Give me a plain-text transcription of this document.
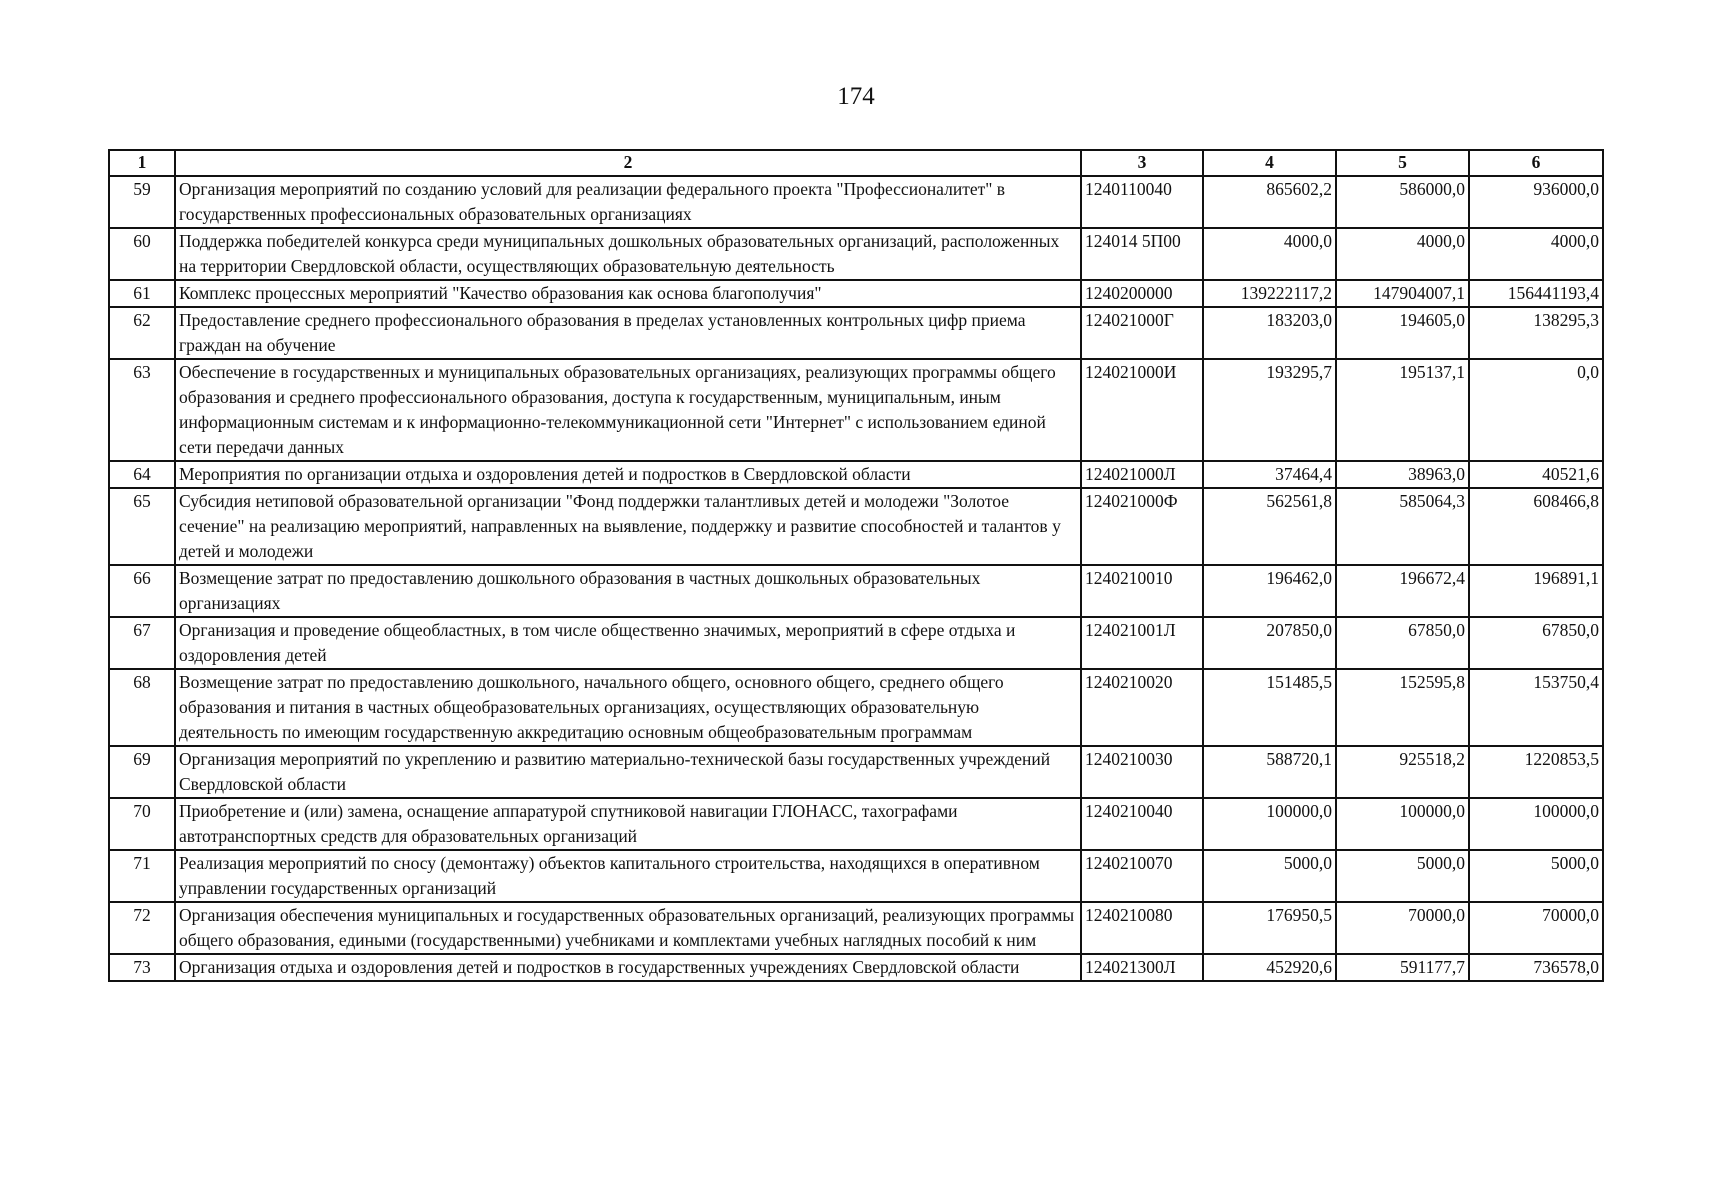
174
1	2	3	4	5	6
59	Организация мероприятий по созданию условий для реализации федерального проекта "Профессионалитет" в государственных профессиональных образовательных организациях	1240110040	865602,2	586000,0	936000,0
60	Поддержка победителей конкурса среди муниципальных дошкольных образовательных организаций, расположенных на территории Свердловской области, осуществляющих образовательную деятельность	124014 5П00	4000,0	4000,0	4000,0
61	Комплекс процессных мероприятий "Качество образования как основа благополучия"	1240200000	139222117,2	147904007,1	156441193,4
62	Предоставление среднего профессионального образования в пределах установленных контрольных цифр приема граждан на обучение	124021000Г	183203,0	194605,0	138295,3
63	Обеспечение в государственных и муниципальных образовательных организациях, реализующих программы общего образования и среднего профессионального образования, доступа к государственным, муниципальным, иным информационным системам и к информационно-телекоммуникационной сети "Интернет" с использованием единой сети передачи данных	124021000И	193295,7	195137,1	0,0
64	Мероприятия по организации отдыха и оздоровления детей и подростков в Свердловской области	124021000Л	37464,4	38963,0	40521,6
65	Субсидия нетиповой образовательной организации "Фонд поддержки талантливых детей и молодежи "Золотое сечение" на реализацию мероприятий, направленных на выявление, поддержку и развитие способностей и талантов у детей и молодежи	124021000Ф	562561,8	585064,3	608466,8
66	Возмещение затрат по предоставлению дошкольного образования в частных дошкольных образовательных организациях	1240210010	196462,0	196672,4	196891,1
67	Организация и проведение общеобластных, в том числе общественно значимых, мероприятий в сфере отдыха и оздоровления детей	124021001Л	207850,0	67850,0	67850,0
68	Возмещение затрат по предоставлению дошкольного, начального общего, основного общего, среднего общего образования и питания в частных общеобразовательных организациях, осуществляющих образовательную деятельность по имеющим государственную аккредитацию основным общеобразовательным программам	1240210020	151485,5	152595,8	153750,4
69	Организация мероприятий по укреплению и развитию материально-технической базы государственных учреждений Свердловской области	1240210030	588720,1	925518,2	1220853,5
70	Приобретение и (или) замена, оснащение аппаратурой спутниковой навигации ГЛОНАСС, тахографами автотранспортных средств для образовательных организаций	1240210040	100000,0	100000,0	100000,0
71	Реализация мероприятий по сносу (демонтажу) объектов капитального строительства, находящихся в оперативном управлении государственных организаций	1240210070	5000,0	5000,0	5000,0
72	Организация обеспечения муниципальных и государственных образовательных организаций, реализующих программы общего образования, едиными (государственными) учебниками и комплектами учебных наглядных пособий к ним	1240210080	176950,5	70000,0	70000,0
73	Организация отдыха и оздоровления детей и подростков в государственных учреждениях Свердловской области	124021300Л	452920,6	591177,7	736578,0
